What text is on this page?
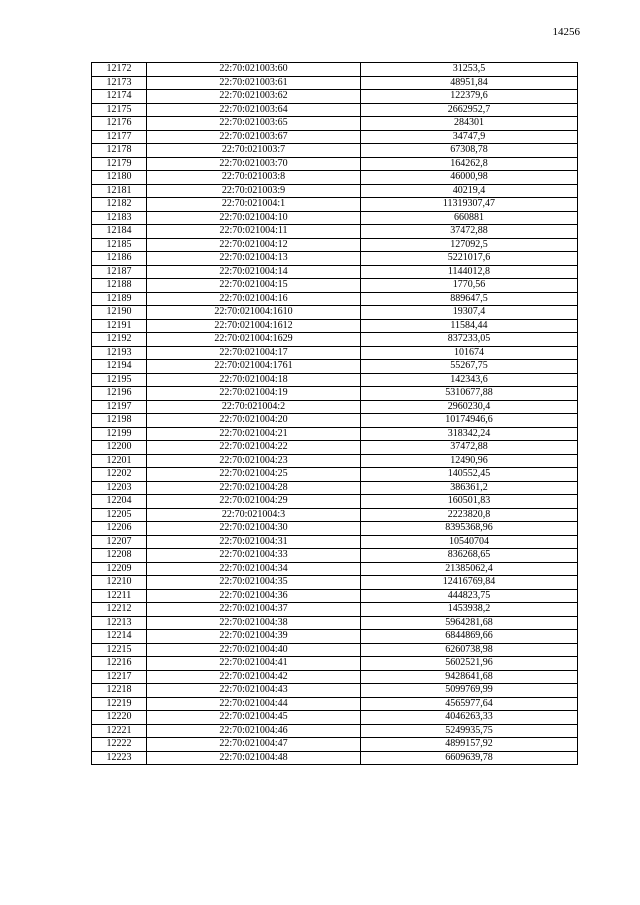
14256
12172	22:70:021003:60	31253,5
12173	22:70:021003:61	48951,84
12174	22:70:021003:62	122379,6
12175	22:70:021003:64	2662952,7
12176	22:70:021003:65	284301
12177	22:70:021003:67	34747,9
12178	22:70:021003:7	67308,78
12179	22:70:021003:70	164262,8
12180	22:70:021003:8	46000,98
12181	22:70:021003:9	40219,4
12182	22:70:021004:1	11319307,47
12183	22:70:021004:10	660881
12184	22:70:021004:11	37472,88
12185	22:70:021004:12	127092,5
12186	22:70:021004:13	5221017,6
12187	22:70:021004:14	1144012,8
12188	22:70:021004:15	1770,56
12189	22:70:021004:16	889647,5
12190	22:70:021004:1610	19307,4
12191	22:70:021004:1612	11584,44
12192	22:70:021004:1629	837233,05
12193	22:70:021004:17	101674
12194	22:70:021004:1761	55267,75
12195	22:70:021004:18	142343,6
12196	22:70:021004:19	5310677,88
12197	22:70:021004:2	2960230,4
12198	22:70:021004:20	10174946,6
12199	22:70:021004:21	318342,24
12200	22:70:021004:22	37472,88
12201	22:70:021004:23	12490,96
12202	22:70:021004:25	140552,45
12203	22:70:021004:28	386361,2
12204	22:70:021004:29	160501,83
12205	22:70:021004:3	2223820,8
12206	22:70:021004:30	8395368,96
12207	22:70:021004:31	10540704
12208	22:70:021004:33	836268,65
12209	22:70:021004:34	21385062,4
12210	22:70:021004:35	12416769,84
12211	22:70:021004:36	444823,75
12212	22:70:021004:37	1453938,2
12213	22:70:021004:38	5964281,68
12214	22:70:021004:39	6844869,66
12215	22:70:021004:40	6260738,98
12216	22:70:021004:41	5602521,96
12217	22:70:021004:42	9428641,68
12218	22:70:021004:43	5099769,99
12219	22:70:021004:44	4565977,64
12220	22:70:021004:45	4046263,33
12221	22:70:021004:46	5249935,75
12222	22:70:021004:47	4899157,92
12223	22:70:021004:48	6609639,78
